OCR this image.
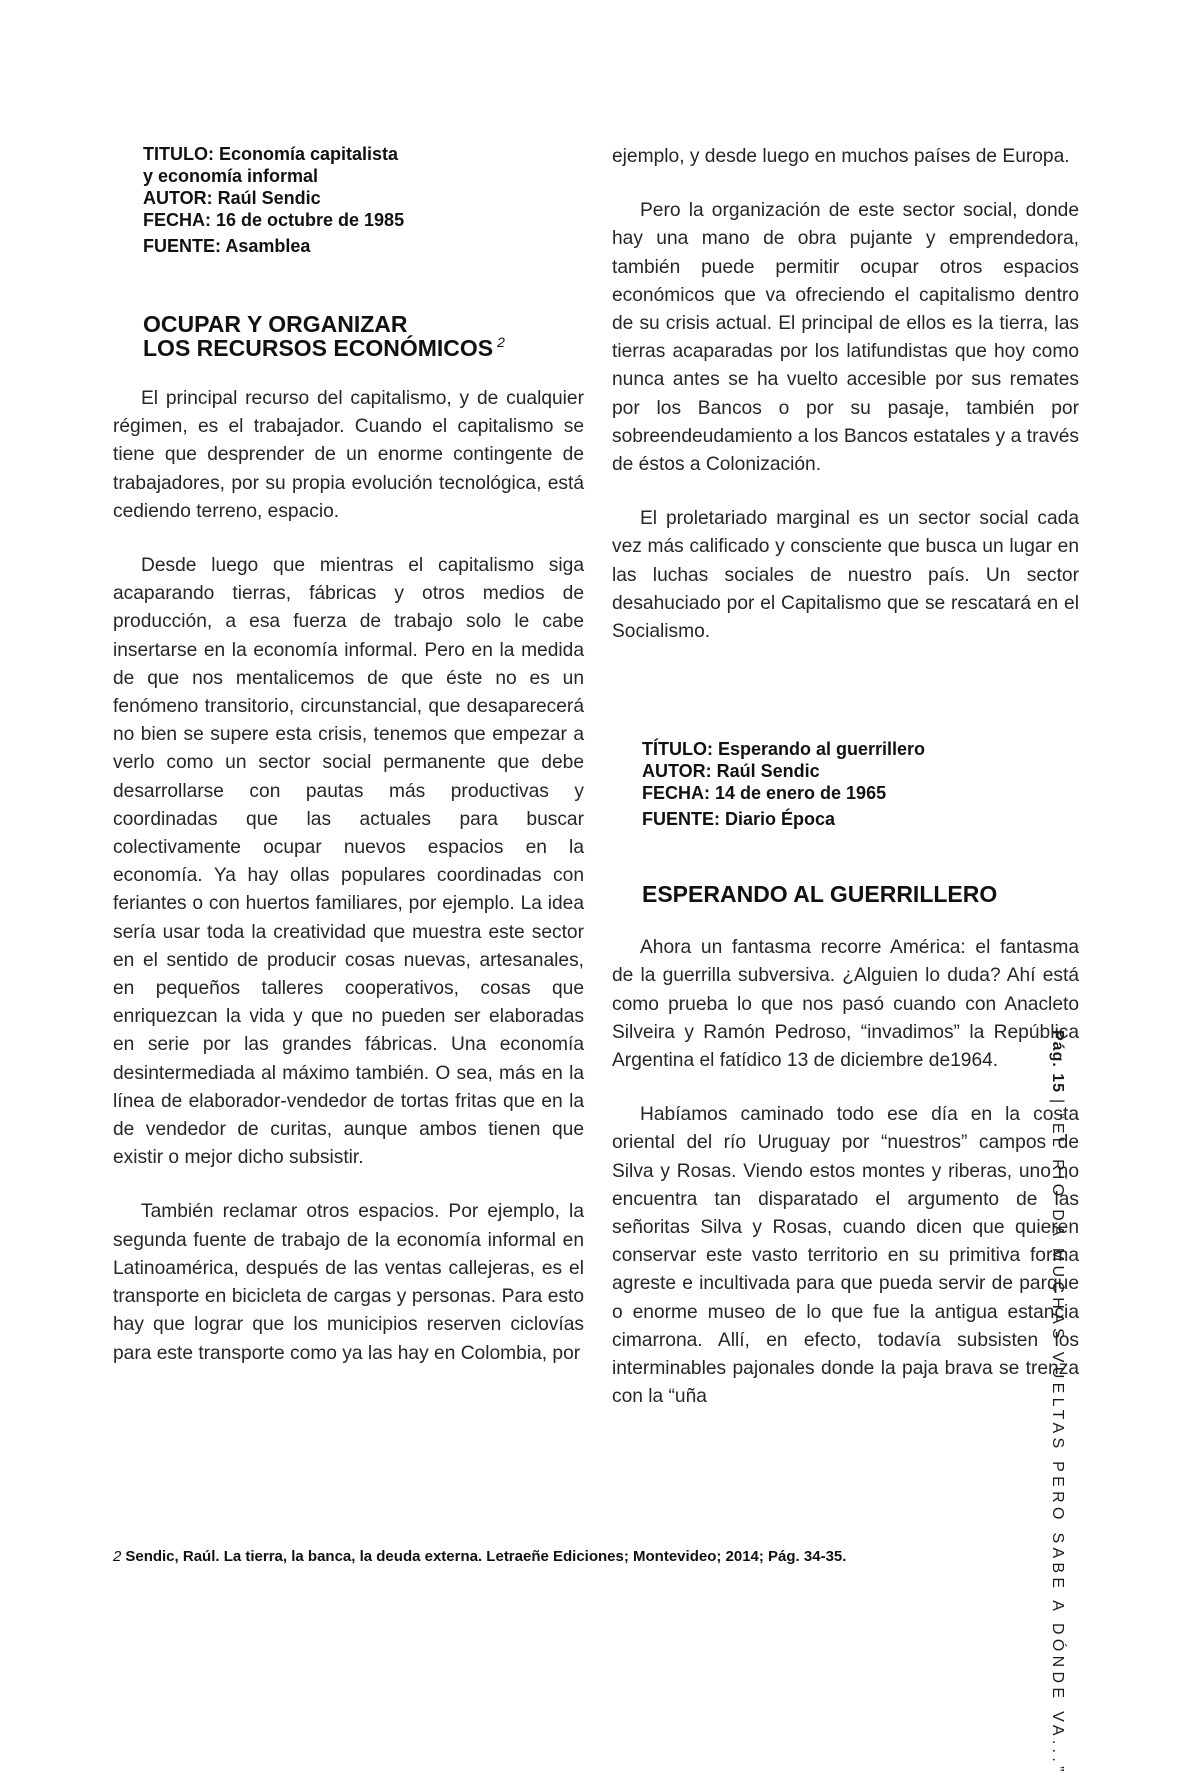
TITULO: Economía capitalista
y economía informal
AUTOR: Raúl Sendic
FECHA: 16 de octubre de 1985
FUENTE: Asamblea
OCUPAR Y ORGANIZAR
LOS RECURSOS ECONÓMICOS $^2$

El principal recurso del capitalismo, y de cualquier régimen, es el trabajador. Cuando el capitalismo se tiene que desprender de un enorme contingente de trabajadores, por su propia evolución tecnológica, está cediendo terreno, espacio.

Desde luego que mientras el capitalismo siga acaparando tierras, fábricas y otros medios de producción, a esa fuerza de trabajo solo le cabe insertarse en la economía informal. Pero en la medida de que nos mentalicemos de que éste no es un fenómeno transitorio, circunstancial, que desaparecerá no bien se supere esta crisis, tenemos que empezar a verlo como un sector social permanente que debe desarrollarse con pautas más productivas y coordinadas que las actuales para buscar colectivamente ocupar nuevos espacios en la economía. Ya hay ollas populares coordinadas con feriantes o con huertos familiares, por ejemplo. La idea sería usar toda la creatividad que muestra este sector en el sentido de producir cosas nuevas, artesanales, en pequeños talleres cooperativos, cosas que enriquezcan la vida y que no pueden ser elaboradas en serie por las grandes fábricas. Una economía desintermediada al máximo también. O sea, más en la línea de elaborador-vendedor de tortas fritas que en la de vendedor de curitas, aunque ambos tienen que existir o mejor dicho subsistir.

También reclamar otros espacios. Por ejemplo, la segunda fuente de trabajo de la economía informal en Latinoamérica, después de las ventas callejeras, es el transporte en bicicleta de cargas y personas. Para esto hay que lograr que los municipios reserven ciclovías para este transporte como ya las hay en Colombia, por

ejemplo, y desde luego en muchos países de Europa.

Pero la organización de este sector social, donde hay una mano de obra pujante y emprendedora, también puede permitir ocupar otros espacios económicos que va ofreciendo el capitalismo dentro de su crisis actual. El principal de ellos es la tierra, las tierras acaparadas por los latifundistas que hoy como nunca antes se ha vuelto accesible por sus remates por los Bancos o por su pasaje, también por sobreendeudamiento a los Bancos estatales y a través de éstos a Colonización.

El proletariado marginal es un sector social cada vez más calificado y consciente que busca un lugar en las luchas sociales de nuestro país. Un sector desahuciado por el Capitalismo que se rescatará en el Socialismo.

TÍTULO: Esperando al guerrillero
AUTOR: Raúl Sendic
FECHA: 14 de enero de 1965
FUENTE: Diario Época
ESPERANDO AL GUERRILLERO

Ahora un fantasma recorre América: el fantasma de la guerrilla subversiva. ¿Alguien lo duda? Ahí está como prueba lo que nos pasó cuando con Anacleto Silveira y Ramón Pedroso, “invadimos” la República Argentina el fatídico 13 de diciembre de1964.

Habíamos caminado todo ese día en la costa oriental del río Uruguay por “nuestros” campos de Silva y Rosas. Viendo estos montes y riberas, uno no encuentra tan disparatado el argumento de las señoritas Silva y Rosas, cuando dicen que quieren conservar este vasto territorio en su primitiva forma agreste e incultivada para que pueda servir de parque o enorme museo de lo que fue la antigua estancia cimarrona. Allí, en efecto, todavía subsisten los interminables pajonales donde la paja brava se trenza con la “uña

2 Sendic, Raúl. La tierra, la banca, la deuda externa. Letraeñe Ediciones; Montevideo; 2014; Pág. 34-35.
Pág. 15|“EL RÍO DA MUCHAS VUELTAS PERO SABE A DÓNDE VA...”
